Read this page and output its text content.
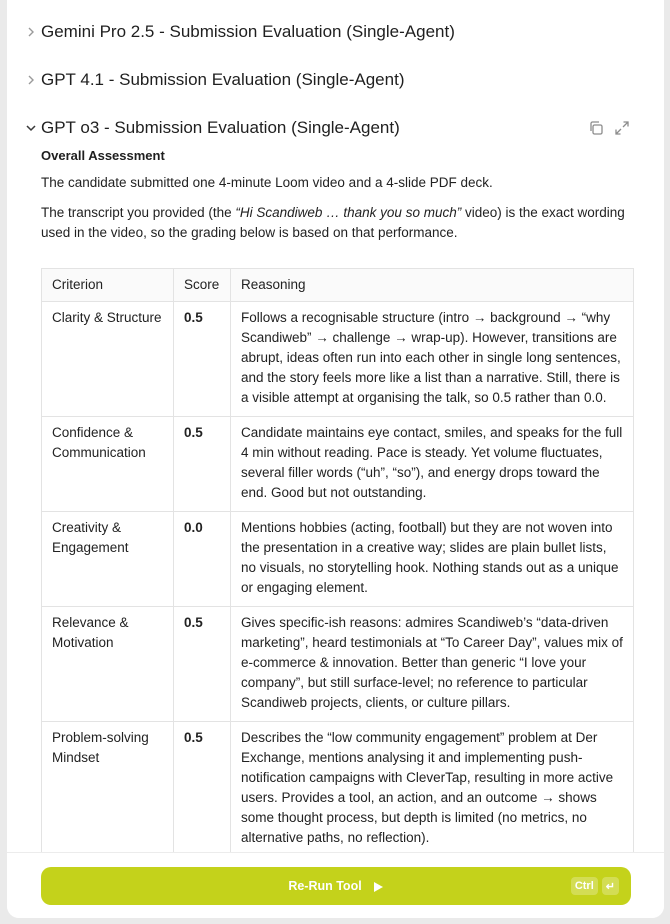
Gemini Pro 2.5 - Submission Evaluation (Single-Agent)
GPT 4.1 - Submission Evaluation (Single-Agent)
GPT o3 - Submission Evaluation (Single-Agent)
Overall Assessment

The candidate submitted one 4-minute Loom video and a 4-slide PDF deck.

The transcript you provided (the “Hi Scandiweb … thank you so much” video) is the exact wording used in the video, so the grading below is based on that performance.

Criterion	Score	Reasoning
Clarity & Structure	0.5	Follows a recognisable structure (intro → background → “why Scandiweb” → challenge → wrap-up). However, transitions are abrupt, ideas often run into each other in single long sentences, and the story feels more like a list than a narrative. Still, there is a visible attempt at organising the talk, so 0.5 rather than 0.0.
Confidence & Communication	0.5	Candidate maintains eye contact, smiles, and speaks for the full 4 min without reading. Pace is steady. Yet volume fluctuates, several filler words (“uh”, “so”), and energy drops toward the end. Good but not outstanding.
Creativity & Engagement	0.0	Mentions hobbies (acting, football) but they are not woven into the presentation in a creative way; slides are plain bullet lists, no visuals, no storytelling hook. Nothing stands out as a unique or engaging element.
Relevance & Motivation	0.5	Gives specific-ish reasons: admires Scandiweb’s “data-driven marketing”, heard testimonials at “To Career Day”, values mix of e-commerce & innovation. Better than generic “I love your company”, but still surface-level; no reference to particular Scandiweb projects, clients, or culture pillars.
Problem-solving Mindset	0.5	Describes the “low community engagement” problem at Der Exchange, mentions analysing it and implementing push-notification campaigns with CleverTap, resulting in more active users. Provides a tool, an action, and an outcome → shows some thought process, but depth is limited (no metrics, no alternative paths, no reflection).
Re-Run Tool	Ctrl	↵
